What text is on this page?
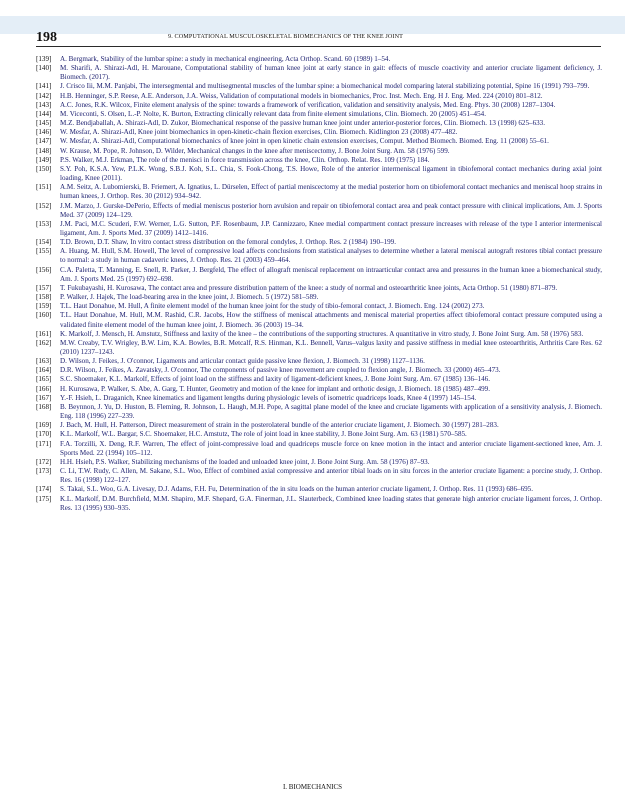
198	9. COMPUTATIONAL MUSCULOSKELETAL BIOMECHANICS OF THE KNEE JOINT
[139]	A. Bergmark, Stability of the lumbar spine: a study in mechanical engineering, Acta Orthop. Scand. 60 (1989) 1–54.
[140]	M. Sharifi, A. Shirazi-Adl, H. Marouane, Computational stability of human knee joint at early stance in gait: effects of muscle coactivity and anterior cruciate ligament deficiency, J. Biomech. (2017).
[141]	J. Crisco Iii, M.M. Panjabi, The intersegmental and multisegmental muscles of the lumbar spine: a biomechanical model comparing lateral stabilizing potential, Spine 16 (1991) 793–799.
[142]	H.B. Henninger, S.P. Reese, A.E. Anderson, J.A. Weiss, Validation of computational models in biomechanics, Proc. Inst. Mech. Eng. H J. Eng. Med. 224 (2010) 801–812.
[143]	A.C. Jones, R.K. Wilcox, Finite element analysis of the spine: towards a framework of verification, validation and sensitivity analysis, Med. Eng. Phys. 30 (2008) 1287–1304.
[144]	M. Viceconti, S. Olsen, L.-P. Nolte, K. Burton, Extracting clinically relevant data from finite element simulations, Clin. Biomech. 20 (2005) 451–454.
[145]	M.Z. Bendjaballah, A. Shirazi-Adl, D. Zukor, Biomechanical response of the passive human knee joint under anterior-posterior forces, Clin. Biomech. 13 (1998) 625–633.
[146]	W. Mesfar, A. Shirazi-Adl, Knee joint biomechanics in open-kinetic-chain flexion exercises, Clin. Biomech. Kidlington 23 (2008) 477–482.
[147]	W. Mesfar, A. Shirazi-Adl, Computational biomechanics of knee joint in open kinetic chain extension exercises, Comput. Method Biomech. Biomed. Eng. 11 (2008) 55–61.
[148]	W. Krause, M. Pope, R. Johnson, D. Wilder, Mechanical changes in the knee after meniscectomy, J. Bone Joint Surg. Am. 58 (1976) 599.
[149]	P.S. Walker, M.J. Erkman, The role of the menisci in force transmission across the knee, Clin. Orthop. Relat. Res. 109 (1975) 184.
[150]	S.Y. Poh, K.S.A. Yew, P.L.K. Wong, S.B.J. Koh, S.L. Chia, S. Fook-Chong, T.S. Howe, Role of the anterior intermeniscal ligament in tibiofemoral contact mechanics during axial joint loading, Knee (2011).
[151]	A.M. Seitz, A. Lubomierski, B. Friemert, A. Ignatius, L. Dürselen, Effect of partial meniscectomy at the medial posterior horn on tibiofemoral contact mechanics and meniscal hoop strains in human knees, J. Orthop. Res. 30 (2012) 934–942.
[152]	J.M. Marzo, J. Gurske-DePerio, Effects of medial meniscus posterior horn avulsion and repair on tibiofemoral contact area and peak contact pressure with clinical implications, Am. J. Sports Med. 37 (2009) 124–129.
[153]	J.M. Paci, M.C. Scuderi, F.W. Werner, L.G. Sutton, P.F. Rosenbaum, J.P. Cannizzaro, Knee medial compartment contact pressure increases with release of the type I anterior intermeniscal ligament, Am. J. Sports Med. 37 (2009) 1412–1416.
[154]	T.D. Brown, D.T. Shaw, In vitro contact stress distribution on the femoral condyles, J. Orthop. Res. 2 (1984) 190–199.
[155]	A. Huang, M. Hull, S.M. Howell, The level of compressive load affects conclusions from statistical analyses to determine whether a lateral meniscal autograft restores tibial contact pressure to normal: a study in human cadaveric knees, J. Orthop. Res. 21 (2003) 459–464.
[156]	C.A. Paletta, T. Manning, E. Snell, R. Parker, J. Bergfeld, The effect of allograft meniscal replacement on intraarticular contact area and pressures in the human knee a biomechanical study, Am. J. Sports Med. 25 (1997) 692–698.
[157]	T. Fukubayashi, H. Kurosawa, The contact area and pressure distribution pattern of the knee: a study of normal and osteoarthritic knee joints, Acta Orthop. 51 (1980) 871–879.
[158]	P. Walker, J. Hajek, The load-bearing area in the knee joint, J. Biomech. 5 (1972) 581–589.
[159]	T.L. Haut Donahue, M. Hull, A finite element model of the human knee joint for the study of tibio-femoral contact, J. Biomech. Eng. 124 (2002) 273.
[160]	T.L. Haut Donahue, M. Hull, M.M. Rashid, C.R. Jacobs, How the stiffness of meniscal attachments and meniscal material properties affect tibiofemoral contact pressure computed using a validated finite element model of the human knee joint, J. Biomech. 36 (2003) 19–34.
[161]	K. Markolf, J. Mensch, H. Amstutz, Stiffness and laxity of the knee – the contributions of the supporting structures. A quantitative in vitro study, J. Bone Joint Surg. Am. 58 (1976) 583.
[162]	M.W. Creaby, T.V. Wrigley, B.W. Lim, K.A. Bowles, B.R. Metcalf, R.S. Hinman, K.L. Bennell, Varus–valgus laxity and passive stiffness in medial knee osteoarthritis, Arthritis Care Res. 62 (2010) 1237–1243.
[163]	D. Wilson, J. Feikes, J. O'connor, Ligaments and articular contact guide passive knee flexion, J. Biomech. 31 (1998) 1127–1136.
[164]	D.R. Wilson, J. Feikes, A. Zavatsky, J. O'connor, The components of passive knee movement are coupled to flexion angle, J. Biomech. 33 (2000) 465–473.
[165]	S.C. Shoemaker, K.L. Markolf, Effects of joint load on the stiffness and laxity of ligament-deficient knees, J. Bone Joint Surg. Am. 67 (1985) 136–146.
[166]	H. Kurosawa, P. Walker, S. Abe, A. Garg, T. Hunter, Geometry and motion of the knee for implant and orthotic design, J. Biomech. 18 (1985) 487–499.
[167]	Y.-F. Hsieh, L. Draganich, Knee kinematics and ligament lengths during physiologic levels of isometric quadriceps loads, Knee 4 (1997) 145–154.
[168]	B. Beynnon, J. Yu, D. Huston, B. Fleming, R. Johnson, L. Haugh, M.H. Pope, A sagittal plane model of the knee and cruciate ligaments with application of a sensitivity analysis, J. Biomech. Eng. 118 (1996) 227–239.
[169]	J. Bach, M. Hull, H. Patterson, Direct measurement of strain in the posterolateral bundle of the anterior cruciate ligament, J. Biomech. 30 (1997) 281–283.
[170]	K.L. Markolf, W.L. Bargar, S.C. Shoemaker, H.C. Amstutz, The role of joint load in knee stability, J. Bone Joint Surg. Am. 63 (1981) 570–585.
[171]	F.A. Torzilli, X. Deng, R.F. Warren, The effect of joint-compressive load and quadriceps muscle force on knee motion in the intact and anterior cruciate ligament-sectioned knee, Am. J. Sports Med. 22 (1994) 105–112.
[172]	H.H. Hsieh, P.S. Walker, Stabilizing mechanisms of the loaded and unloaded knee joint, J. Bone Joint Surg. Am. 58 (1976) 87–93.
[173]	C. Li, T.W. Rudy, C. Allen, M. Sakane, S.L. Woo, Effect of combined axial compressive and anterior tibial loads on in situ forces in the anterior cruciate ligament: a porcine study, J. Orthop. Res. 16 (1998) 122–127.
[174]	S. Takai, S.L. Woo, G.A. Livesay, D.J. Adams, F.H. Fu, Determination of the in situ loads on the human anterior cruciate ligament, J. Orthop. Res. 11 (1993) 686–695.
[175]	K.L. Markolf, D.M. Burchfield, M.M. Shapiro, M.F. Shepard, G.A. Finerman, J.L. Slauterbeck, Combined knee loading states that generate high anterior cruciate ligament forces, J. Orthop. Res. 13 (1995) 930–935.
I. BIOMECHANICS
